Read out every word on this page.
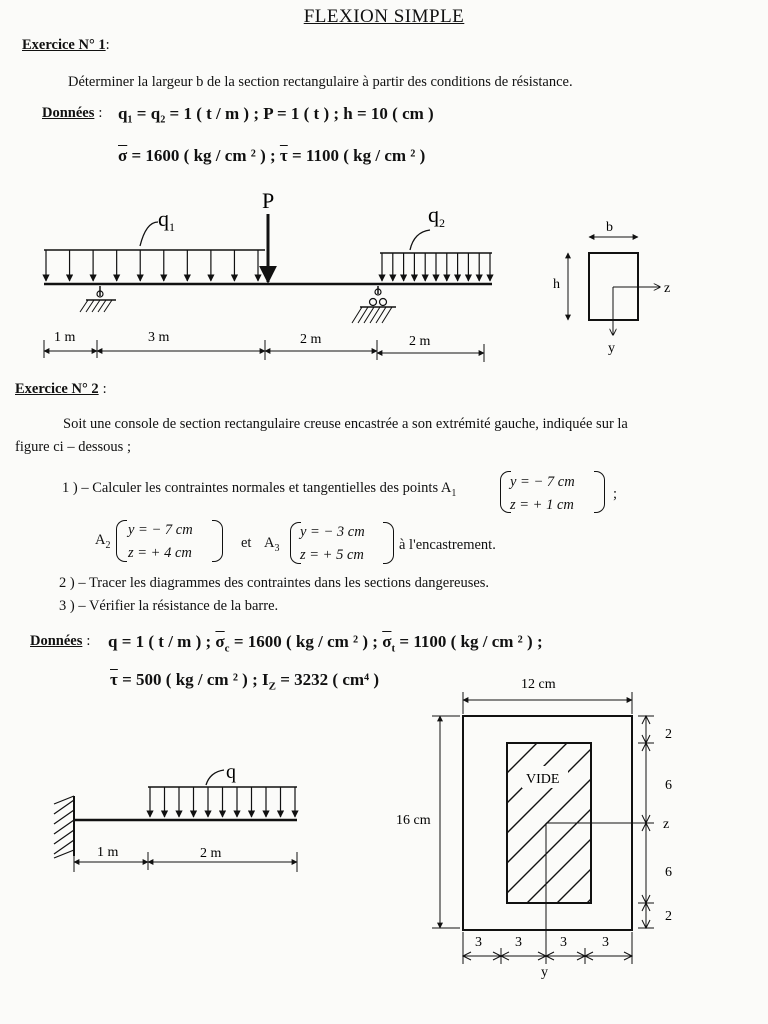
FLEXION SIMPLE
Exercice N° 1:
Déterminer la largeur b de la section rectangulaire à partir des conditions de résistance.
Données : q₁ = q₂ = 1 ( t / m ) ; P = 1 ( t ) ; h = 10 ( cm )
$\overline{\sigma} = 1600$ ( kg / cm ² ) ; $\overline{\tau} = 1100$ ( kg / cm ² )
$q_1$
P
$q_2$
1 m	3 m	2 m	2 m
b
h	z
y
Exercice N° 2 :
Soit une console de section rectangulaire creuse encastrée a son extrémité gauche, indiquée sur la
figure ci – dessous ;
1 ) – Calculer les contraintes normales et tangentielles des points $A_1$
y = − 7 cm
z = + 1 cm
;
$A_2$
y = − 7 cm
z = + 4 cm
et $A_3$
y = − 3 cm
z = + 5 cm
à l'encastrement.
2 ) – Tracer les diagrammes des contraintes dans les sections dangereuses.
3 ) – Vérifier la résistance de la barre.
Données : q = 1 ( t / m ) ; $\overline{\sigma}_c = 1600$ ( kg / cm ² ) ; $\overline{\sigma}_t = 1100$ ( kg / cm ² ) ;
$\overline{\tau} = 500$ ( kg / cm ² ) ; $I_Z = 3232$ ( cm⁴ )
q
1 m	2 m
VIDE
12 cm
16 cm
2
6
z
6
2
3 3	3	3
y
